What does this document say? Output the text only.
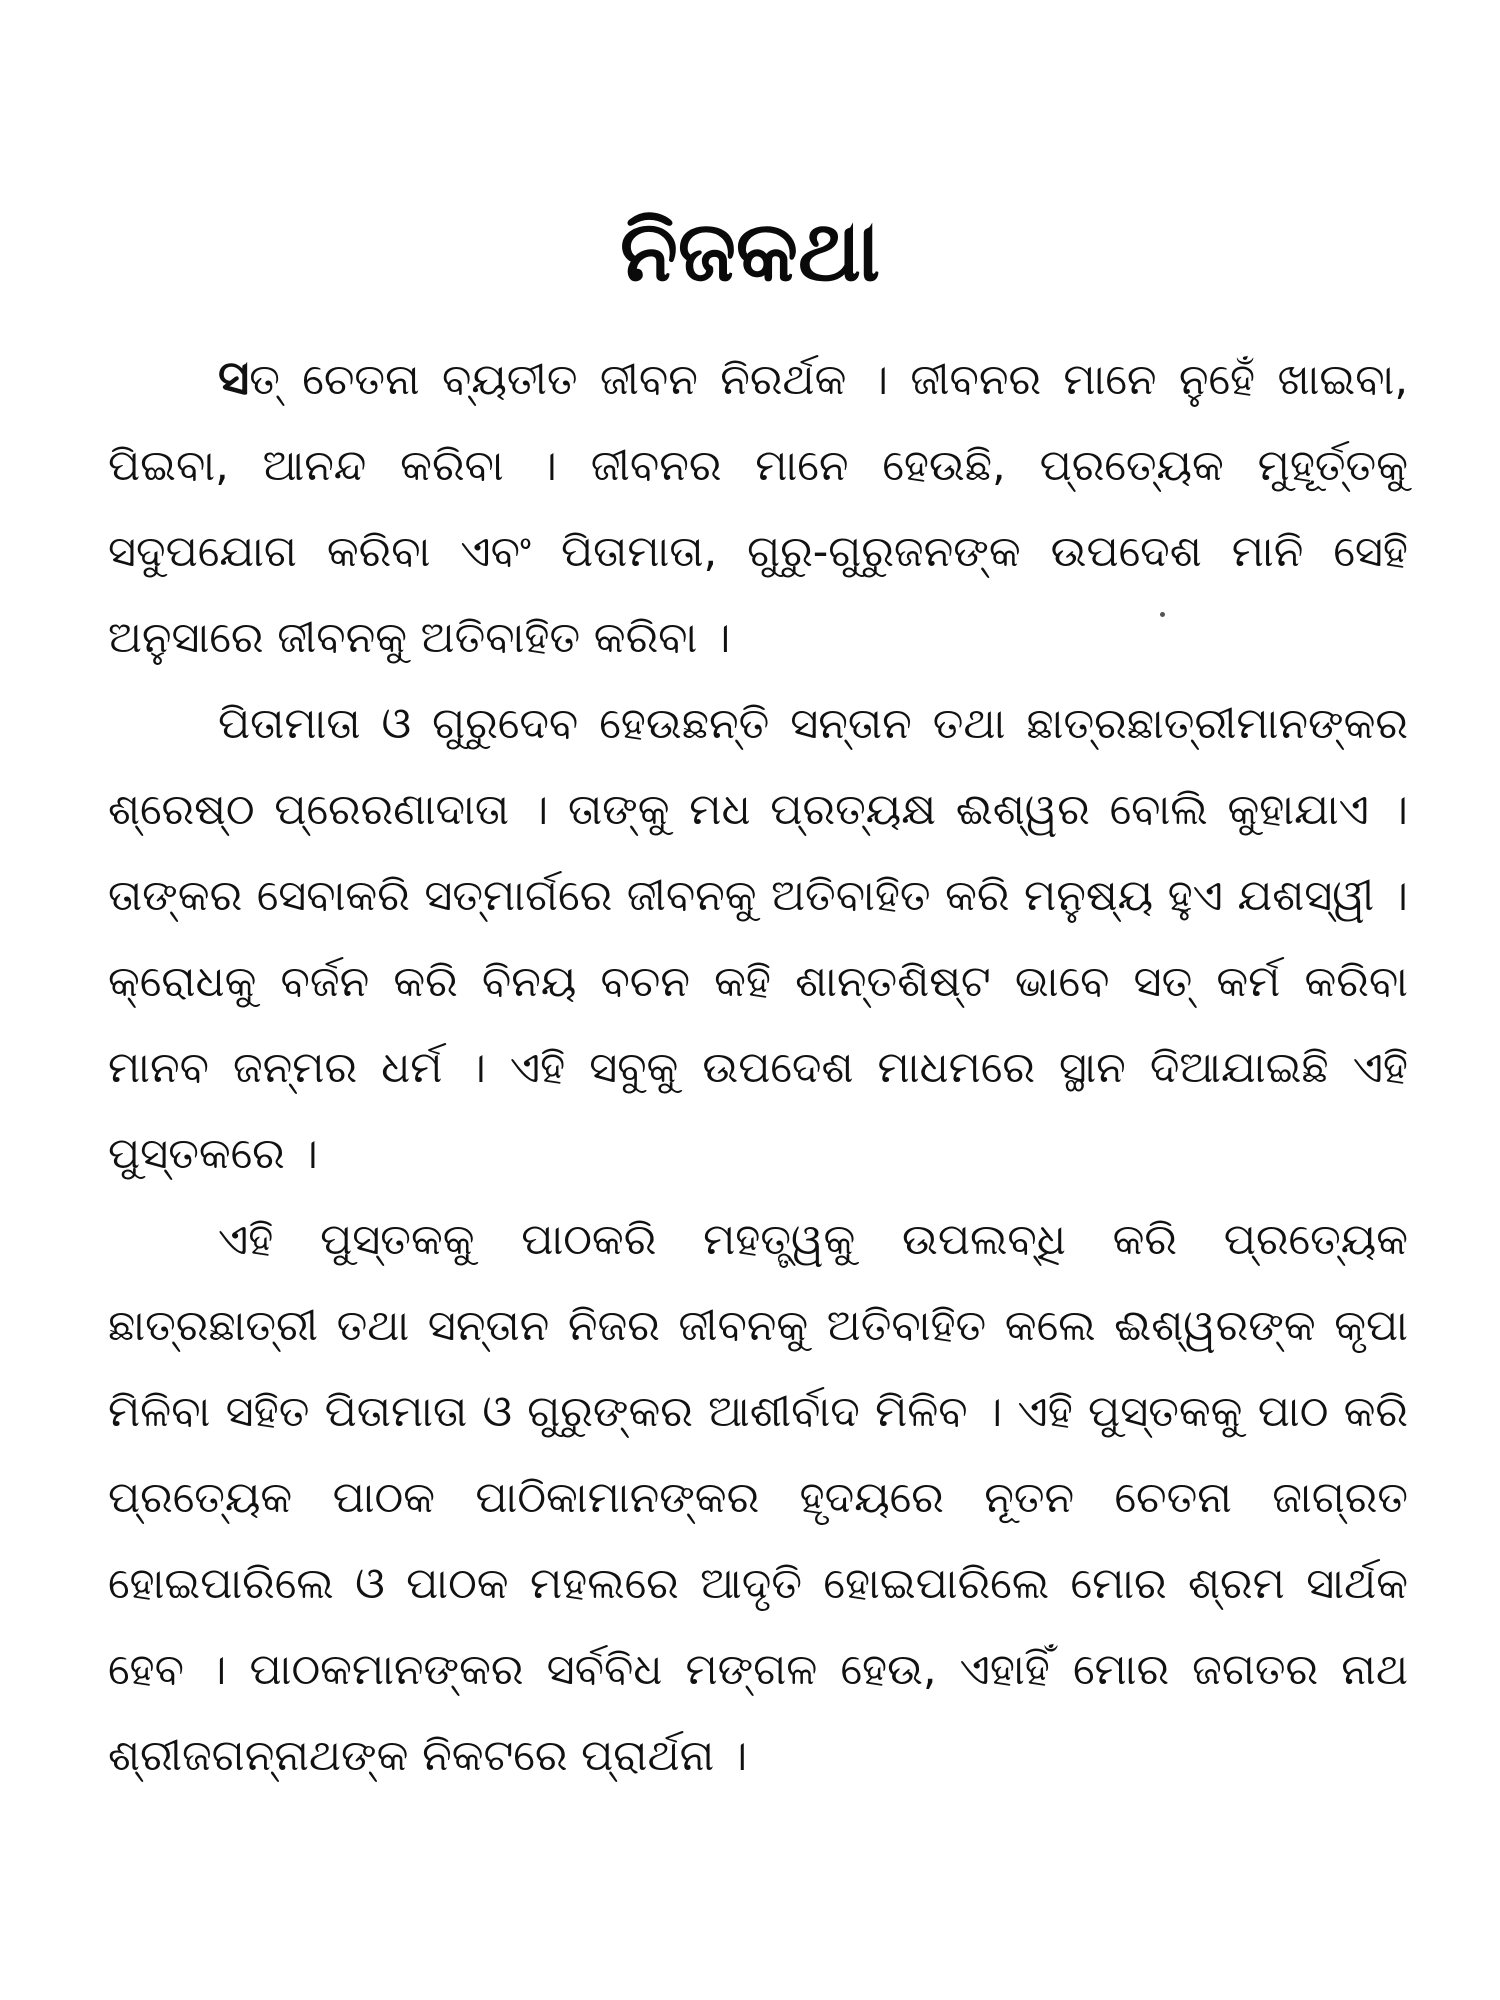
ନିଜକଥା

ସତ୍ ଚେତନା ବ୍ୟତୀତ ଜୀବନ ନିରର୍ଥକ । ଜୀବନର ମାନେ ନୁହେଁ ଖାଇବା, ପିଇବା, ଆନନ୍ଦ କରିବା । ଜୀବନର ମାନେ ହେଉଛି, ପ୍ରତ୍ୟେକ ମୁହୂର୍ତ୍ତକୁ ସଦୁପଯୋଗ କରିବା ଏବଂ ପିତାମାତା, ଗୁରୁ-ଗୁରୁଜନଙ୍କ ଉପଦେଶ ମାନି ସେହି ଅନୁସାରେ ଜୀବନକୁ ଅତିବାହିତ କରିବା ।

ପିତାମାତା ଓ ଗୁରୁଦେବ ହେଉଛନ୍ତି ସନ୍ତାନ ତଥା ଛାତ୍ରଛାତ୍ରୀମାନଙ୍କର ଶ୍ରେଷ୍ଠ ପ୍ରେରଣାଦାତା । ତାଙ୍କୁ ମଧ ପ୍ରତ୍ୟକ୍ଷ ଈଶ୍ୱର ବୋଲି କୁହାଯାଏ । ତାଙ୍କର ସେବାକରି ସତ୍‌ମାର୍ଗରେ ଜୀବନକୁ ଅତିବାହିତ କରି ମନୁଷ୍ୟ ହୁଏ ଯଶସ୍ୱୀ । କ୍ରୋଧକୁ ବର୍ଜନ କରି ବିନୟ ବଚନ କହି ଶାନ୍ତଶିଷ୍ଟ ଭାବେ ସତ୍ କର୍ମ କରିବା ମାନବ ଜନ୍ମର ଧର୍ମ । ଏହି ସବୁକୁ ଉପଦେଶ ମାଧମରେ ସ୍ଥାନ ଦିଆଯାଇଛି ଏହି ପୁସ୍ତକରେ ।

ଏହି ପୁସ୍ତକକୁ ପାଠକରି ମହତ୍ତ୍ୱକୁ ଉପଲବ୍ଧି କରି ପ୍ରତ୍ୟେକ ଛାତ୍ରଛାତ୍ରୀ ତଥା ସନ୍ତାନ ନିଜର ଜୀବନକୁ ଅତିବାହିତ କଲେ ଈଶ୍ୱରଙ୍କ କୃପା ମିଳିବା ସହିତ ପିତାମାତା ଓ ଗୁରୁଙ୍କର ଆଶୀର୍ବାଦ ମିଳିବ । ଏହି ପୁସ୍ତକକୁ ପାଠ କରି ପ୍ରତ୍ୟେକ ପାଠକ ପାଠିକାମାନଙ୍କର ହୃଦୟରେ ନୂତନ ଚେତନା ଜାଗ୍ରତ ହୋଇପାରିଲେ ଓ ପାଠକ ମହଲରେ ଆଦୃତି ହୋଇପାରିଲେ ମୋର ଶ୍ରମ ସାର୍ଥକ ହେବ । ପାଠକମାନଙ୍କର ସର୍ବବିଧ ମଙ୍ଗଳ ହେଉ, ଏହାହିଁ ମୋର ଜଗତର ନାଥ ଶ୍ରୀଜଗନ୍ନାଥଙ୍କ ନିକଟରେ ପ୍ରାର୍ଥନା ।
